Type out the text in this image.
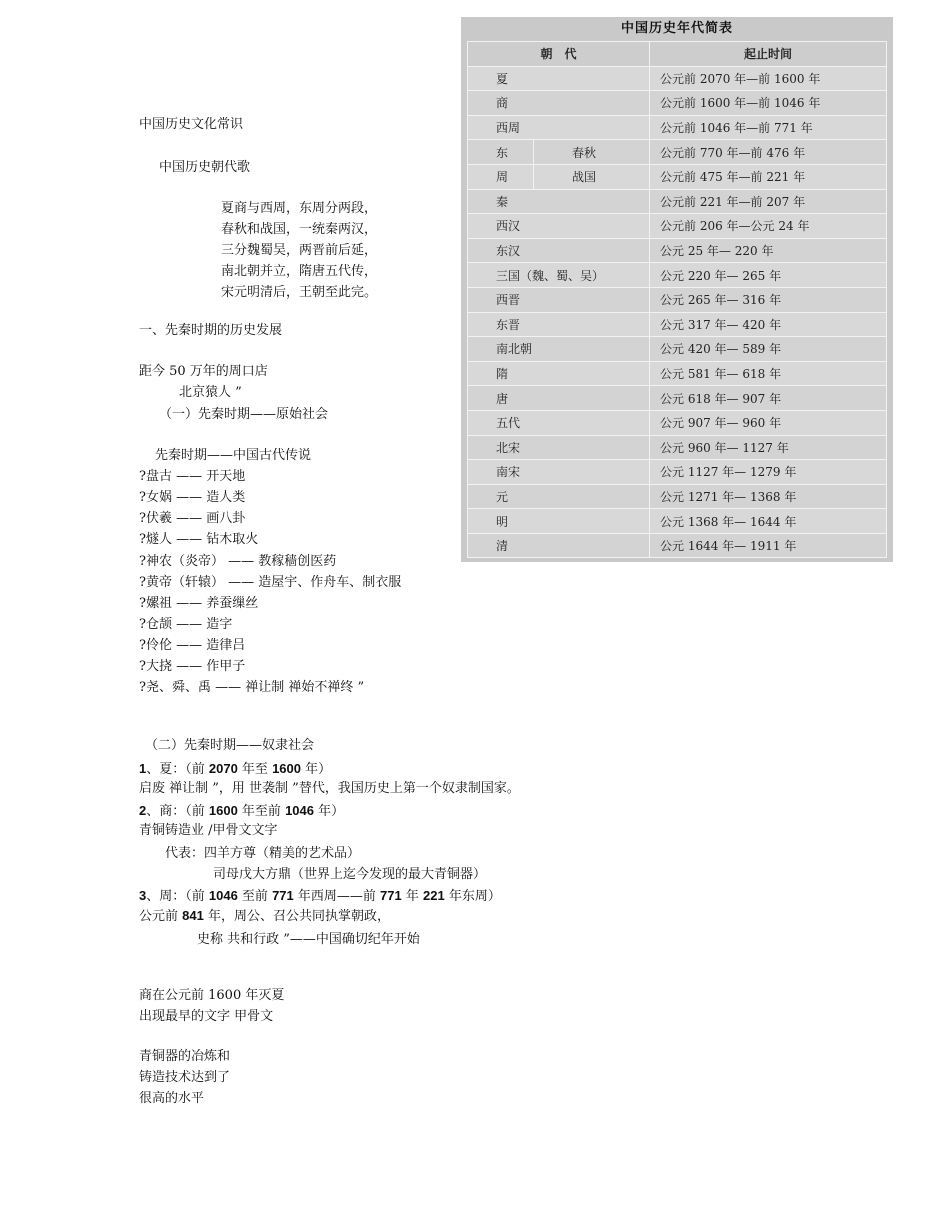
中国历史年代简表
朝　代		起止时间
夏		公元前 2070 年—前 1600 年
商		公元前 1600 年—前 1046 年
西周		公元前 1046 年—前 771 年
东	春秋	公元前 770 年—前 476 年
周	战国	公元前 475 年—前 221 年
秦		公元前 221 年—前 207 年
西汉		公元前 206 年—公元 24 年
东汉		公元 25 年— 220 年
三国（魏、蜀、吴）		公元 220 年— 265 年
西晋		公元 265 年— 316 年
东晋		公元 317 年— 420 年
南北朝		公元 420 年— 589 年
隋		公元 581 年— 618 年
唐		公元 618 年— 907 年
五代		公元 907 年— 960 年
北宋		公元 960 年— 1127 年
南宋		公元 1127 年— 1279 年
元		公元 1271 年— 1368 年
明		公元 1368 年— 1644 年
清		公元 1644 年— 1911 年
中国历史文化常识
中国历史朝代歌
夏商与西周，东周分两段，
春秋和战国，一统秦两汉，
三分魏蜀吴，两晋前后延，
南北朝并立，隋唐五代传，
宋元明清后，王朝至此完。
一、先秦时期的历史发展
距今 50 万年的周口店
北京猿人 ”
（一）先秦时期——原始社会
先秦时期——中国古代传说
?盘古 —— 开天地
?女娲 —— 造人类
?伏羲 —— 画八卦
?燧人 —— 钻木取火
?神农（炎帝） —— 教稼穑创医药
?黄帝（轩辕） —— 造屋宇、作舟车、制衣服
?嫘祖 —— 养蚕缫丝
?仓颉 —— 造字
?伶伦 —— 造律吕
?大挠 —— 作甲子
?尧、舜、禹 —— 禅让制 禅始不禅终 ”
（二）先秦时期——奴隶社会
1、夏：（前 2070 年至 1600 年）
启废 禅让制 ”，用 世袭制 ”替代，我国历史上第一个奴隶制国家。
2、商：（前 1600 年至前 1046 年）
青铜铸造业 /甲骨文文字
代表：四羊方尊（精美的艺术品）
司母戊大方鼎（世界上迄今发现的最大青铜器）
3、周：（前 1046 至前 771 年西周——前 771 年 221 年东周）
公元前 841 年，周公、召公共同执掌朝政，
史称 共和行政 ”——中国确切纪年开始
商在公元前 1600 年灭夏
出现最早的文字 甲骨文
青铜器的冶炼和
铸造技术达到了
很高的水平
